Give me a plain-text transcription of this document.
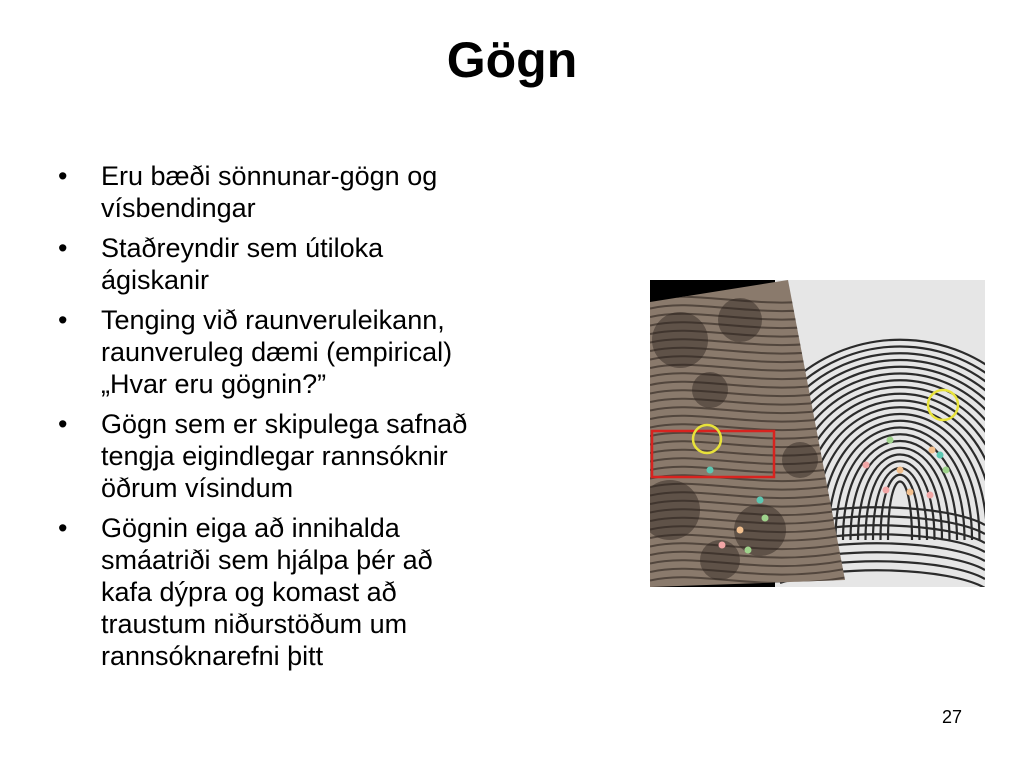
Gögn
•	Eru bæði sönnunar-gögn og
vísbendingar
•	Staðreyndir sem útiloka
ágiskanir
•	Tenging við raunveruleikann,
raunveruleg dæmi (empirical)
„Hvar eru gögnin?”
•	Gögn sem er skipulega safnað
tengja eigindlegar rannsóknir
öðrum vísindum
•	Gögnin eiga að innihalda
smáatriði sem hjálpa þér að
kafa dýpra og komast að
traustum niðurstöðum um
rannsóknarefni þitt
27
